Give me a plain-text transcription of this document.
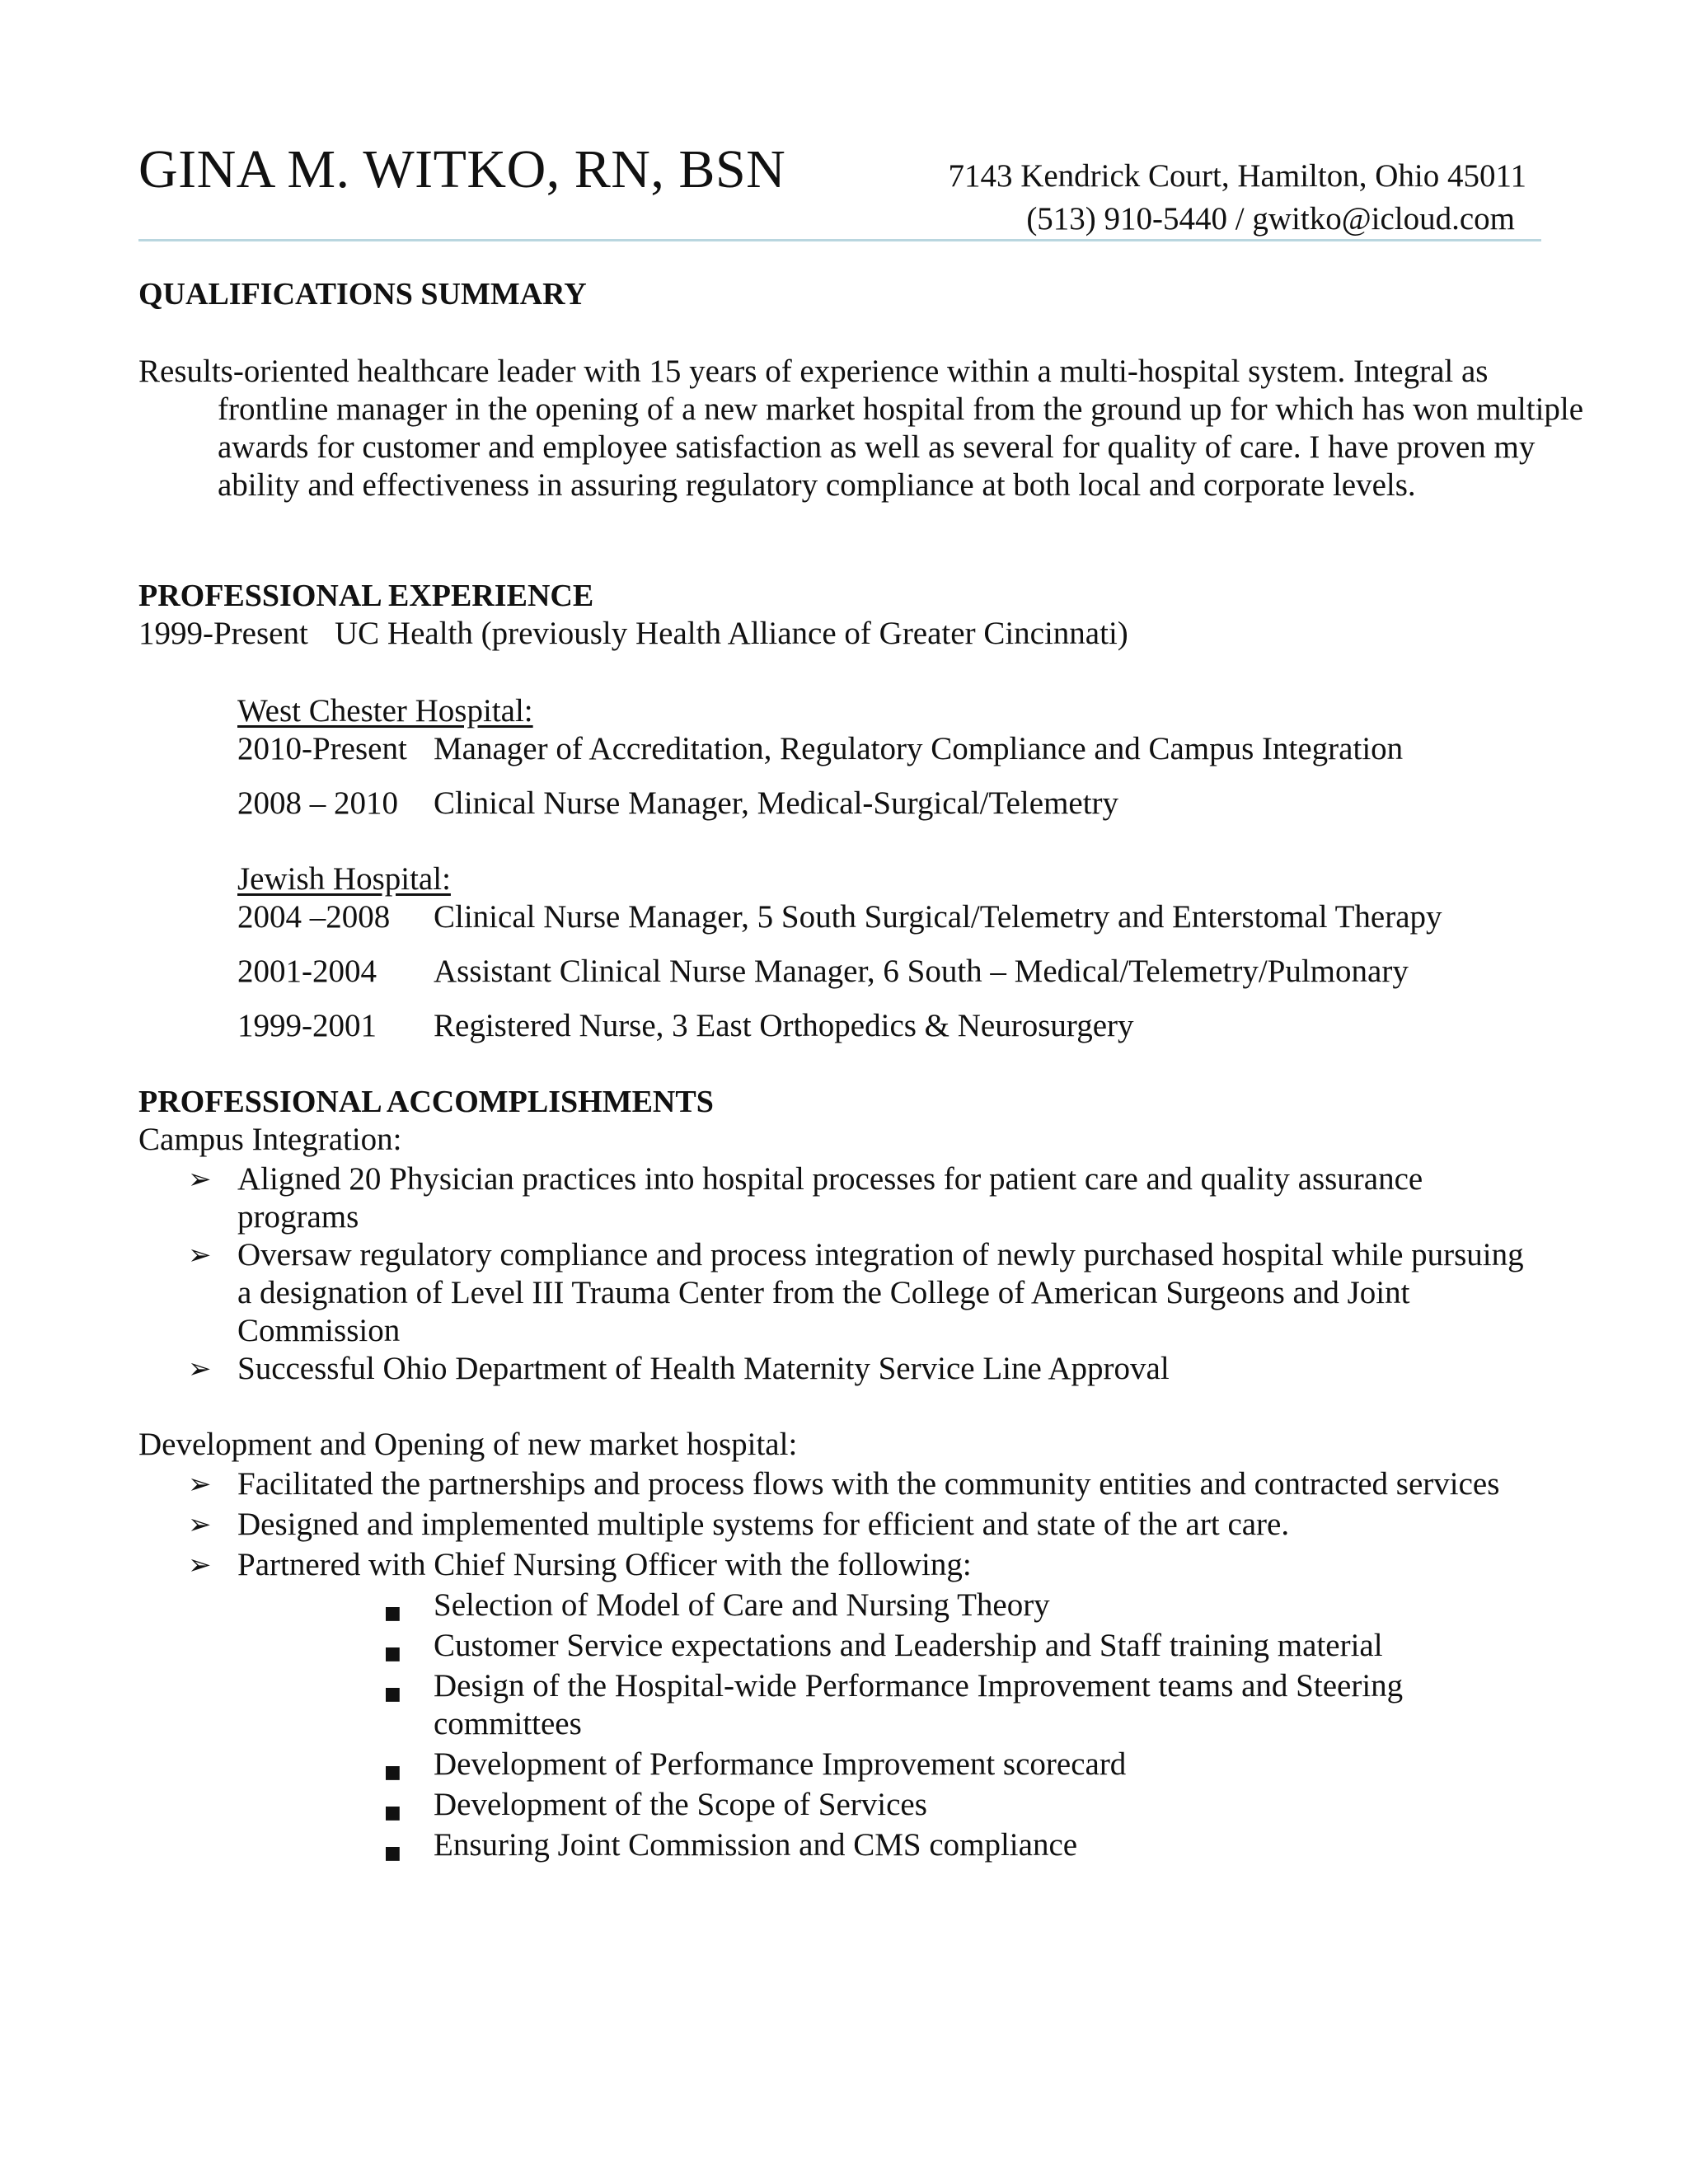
GINA M. WITKO, RN, BSN	7143 Kendrick Court, Hamilton, Ohio 45011
(513) 910-5440 / gwitko@icloud.com
QUALIFICATIONS SUMMARY
Results-oriented healthcare leader with 15 years of experience within a multi-hospital system. Integral as frontline manager in the opening of a new market hospital from the ground up for which has won multiple awards for customer and employee satisfaction as well as several for quality of care. I have proven my ability and effectiveness in assuring regulatory compliance at both local and corporate levels.
PROFESSIONAL EXPERIENCE
1999-Present UC Health (previously Health Alliance of Greater Cincinnati)
West Chester Hospital:
2010-Present Manager of Accreditation, Regulatory Compliance and Campus Integration
2008 – 2010 Clinical Nurse Manager, Medical-Surgical/Telemetry
Jewish Hospital:
2004 –2008 Clinical Nurse Manager, 5 South Surgical/Telemetry and Enterstomal Therapy
2001-2004 Assistant Clinical Nurse Manager, 6 South – Medical/Telemetry/Pulmonary
1999-2001 Registered Nurse, 3 East Orthopedics & Neurosurgery
PROFESSIONAL ACCOMPLISHMENTS
Campus Integration:
➢ Aligned 20 Physician practices into hospital processes for patient care and quality assurance programs
➢ Oversaw regulatory compliance and process integration of newly purchased hospital while pursuing a designation of Level III Trauma Center from the College of American Surgeons and Joint Commission
➢ Successful Ohio Department of Health Maternity Service Line Approval
Development and Opening of new market hospital:
➢ Facilitated the partnerships and process flows with the community entities and contracted services
➢ Designed and implemented multiple systems for efficient and state of the art care.
➢ Partnered with Chief Nursing Officer with the following:
■ Selection of Model of Care and Nursing Theory
■ Customer Service expectations and Leadership and Staff training material
■ Design of the Hospital-wide Performance Improvement teams and Steering committees
■ Development of Performance Improvement scorecard
■ Development of the Scope of Services
■ Ensuring Joint Commission and CMS compliance
